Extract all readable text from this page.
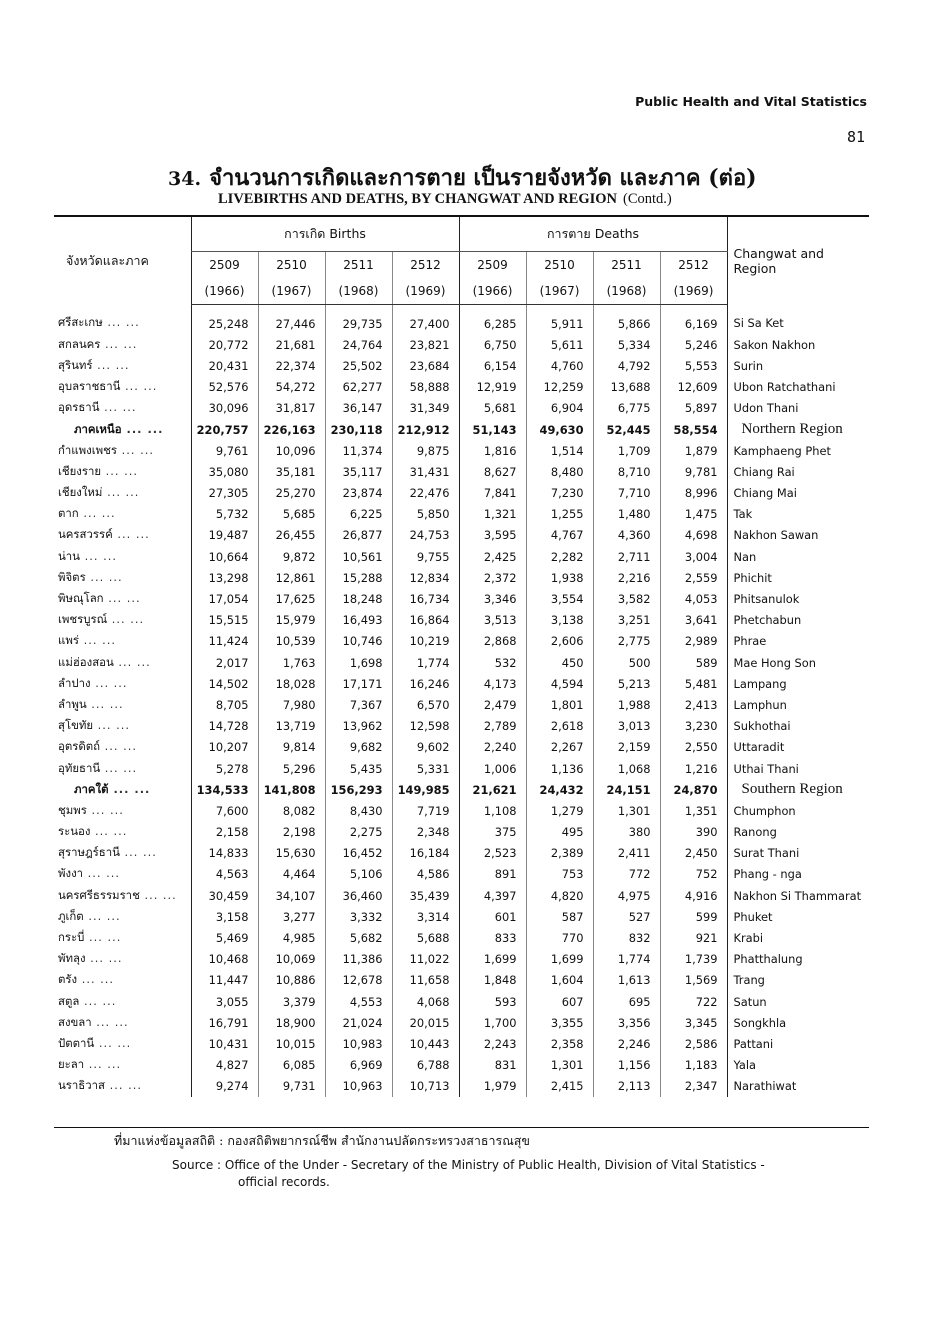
Public Health and Vital Statistics
81
34. จำนวนการเกิดและการตาย เป็นรายจังหวัด และภาค (ต่อ)
LIVEBIRTHS AND DEATHS, BY CHANGWAT AND REGION (Contd.)
จังหวัดและภาค	การเกิด Births				การตาย Deaths				Changwat and Region
	2509	2510	2511	2512	2509	2510	2511	2512	
	(1966)	(1967)	(1968)	(1969)	(1966)	(1967)	(1968)	(1969)	
ศรีสะเกษ ... ...	25,248	27,446	29,735	27,400	6,285	5,911	5,866	6,169	Si Sa Ket
สกลนคร ... ...	20,772	21,681	24,764	23,821	6,750	5,611	5,334	5,246	Sakon Nakhon
สุรินทร์ ... ...	20,431	22,374	25,502	23,684	6,154	4,760	4,792	5,553	Surin
อุบลราชธานี ... ...	52,576	54,272	62,277	58,888	12,919	12,259	13,688	12,609	Ubon Ratchathani
อุดรธานี ... ...	30,096	31,817	36,147	31,349	5,681	6,904	6,775	5,897	Udon Thani
ภาคเหนือ ... ...	220,757	226,163	230,118	212,912	51,143	49,630	52,445	58,554	Northern Region
กำแพงเพชร ... ...	9,761	10,096	11,374	9,875	1,816	1,514	1,709	1,879	Kamphaeng Phet
เชียงราย ... ...	35,080	35,181	35,117	31,431	8,627	8,480	8,710	9,781	Chiang Rai
เชียงใหม่ ... ...	27,305	25,270	23,874	22,476	7,841	7,230	7,710	8,996	Chiang Mai
ตาก ... ...	5,732	5,685	6,225	5,850	1,321	1,255	1,480	1,475	Tak
นครสวรรค์ ... ...	19,487	26,455	26,877	24,753	3,595	4,767	4,360	4,698	Nakhon Sawan
น่าน ... ...	10,664	9,872	10,561	9,755	2,425	2,282	2,711	3,004	Nan
พิจิตร ... ...	13,298	12,861	15,288	12,834	2,372	1,938	2,216	2,559	Phichit
พิษณุโลก ... ...	17,054	17,625	18,248	16,734	3,346	3,554	3,582	4,053	Phitsanulok
เพชรบูรณ์ ... ...	15,515	15,979	16,493	16,864	3,513	3,138	3,251	3,641	Phetchabun
แพร่ ... ...	11,424	10,539	10,746	10,219	2,868	2,606	2,775	2,989	Phrae
แม่ฮ่องสอน ... ...	2,017	1,763	1,698	1,774	532	450	500	589	Mae Hong Son
ลำปาง ... ...	14,502	18,028	17,171	16,246	4,173	4,594	5,213	5,481	Lampang
ลำพูน ... ...	8,705	7,980	7,367	6,570	2,479	1,801	1,988	2,413	Lamphun
สุโขทัย ... ...	14,728	13,719	13,962	12,598	2,789	2,618	3,013	3,230	Sukhothai
อุตรดิตถ์ ... ...	10,207	9,814	9,682	9,602	2,240	2,267	2,159	2,550	Uttaradit
อุทัยธานี ... ...	5,278	5,296	5,435	5,331	1,006	1,136	1,068	1,216	Uthai Thani
ภาคใต้ ... ...	134,533	141,808	156,293	149,985	21,621	24,432	24,151	24,870	Southern Region
ชุมพร ... ...	7,600	8,082	8,430	7,719	1,108	1,279	1,301	1,351	Chumphon
ระนอง ... ...	2,158	2,198	2,275	2,348	375	495	380	390	Ranong
สุราษฎร์ธานี ... ...	14,833	15,630	16,452	16,184	2,523	2,389	2,411	2,450	Surat Thani
พังงา ... ...	4,563	4,464	5,106	4,586	891	753	772	752	Phang - nga
นครศรีธรรมราช ... ...	30,459	34,107	36,460	35,439	4,397	4,820	4,975	4,916	Nakhon Si Thammarat
ภูเก็ต ... ...	3,158	3,277	3,332	3,314	601	587	527	599	Phuket
กระบี่ ... ...	5,469	4,985	5,682	5,688	833	770	832	921	Krabi
พัทลุง ... ...	10,468	10,069	11,386	11,022	1,699	1,699	1,774	1,739	Phatthalung
ตรัง ... ...	11,447	10,886	12,678	11,658	1,848	1,604	1,613	1,569	Trang
สตูล ... ...	3,055	3,379	4,553	4,068	593	607	695	722	Satun
สงขลา ... ...	16,791	18,900	21,024	20,015	1,700	3,355	3,356	3,345	Songkhla
ปัตตานี ... ...	10,431	10,015	10,983	10,443	2,243	2,358	2,246	2,586	Pattani
ยะลา ... ...	4,827	6,085	6,969	6,788	831	1,301	1,156	1,183	Yala
นราธิวาส ... ...	9,274	9,731	10,963	10,713	1,979	2,415	2,113	2,347	Narathiwat
ที่มาแห่งข้อมูลสถิติ : กองสถิติพยากรณ์ชีพ สำนักงานปลัดกระทรวงสาธารณสุข
Source : Office of the Under - Secretary of the Ministry of Public Health, Division of Vital Statistics -
official records.
